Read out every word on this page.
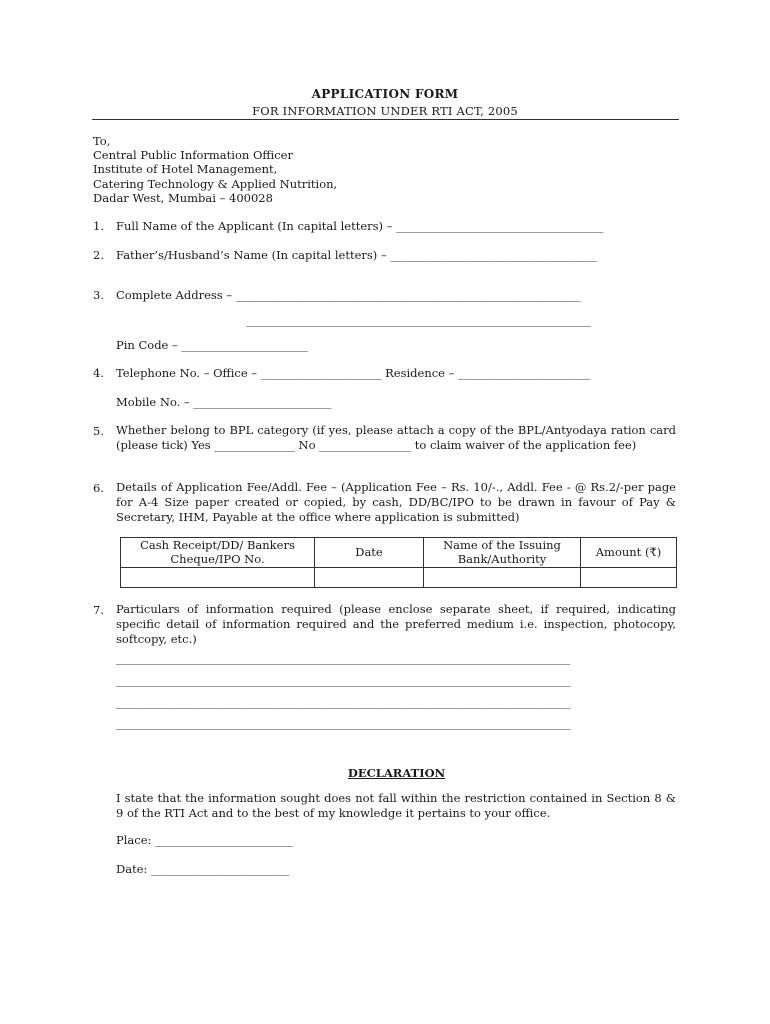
APPLICATION FORM
FOR INFORMATION UNDER RTI ACT, 2005
To,
Central Public Information Officer
Institute of Hotel Management,
Catering Technology & Applied Nutrition,
Dadar West, Mumbai – 400028
1. Full Name of the Applicant (In capital letters) – ____________________________________
2. Father’s/Husband’s Name (In capital letters) – ____________________________________
3. Complete Address – ____________________________________________________________
____________________________________________________________
Pin Code – ______________________
4. Telephone No. – Office – _____________________ Residence – _______________________
Mobile No. – ________________________
5. Whether belong to BPL category (if yes, please attach a copy of the BPL/Antyodaya ration card (please tick) Yes ______________ No ________________ to claim waiver of the application fee)
6. Details of Application Fee/Addl. Fee – (Application Fee – Rs. 10/-., Addl. Fee - @ Rs.2/-per page for A-4 Size paper created or copied, by cash, DD/BC/IPO to be drawn in favour of Pay & Secretary, IHM, Payable at the office where application is submitted)
Cash Receipt/DD/ Bankers Cheque/IPO No.	Date	Name of the Issuing Bank/Authority	Amount (₹)

7. Particulars of information required (please enclose separate sheet, if required, indicating specific detail of information required and the preferred medium i.e. inspection, photocopy, softcopy, etc.)
_______________________________________________________________________________
_______________________________________________________________________________
_______________________________________________________________________________
_______________________________________________________________________________
DECLARATION
I state that the information sought does not fall within the restriction contained in Section 8 & 9 of the RTI Act and to the best of my knowledge it pertains to your office.
Place: ________________________
Date: ________________________
